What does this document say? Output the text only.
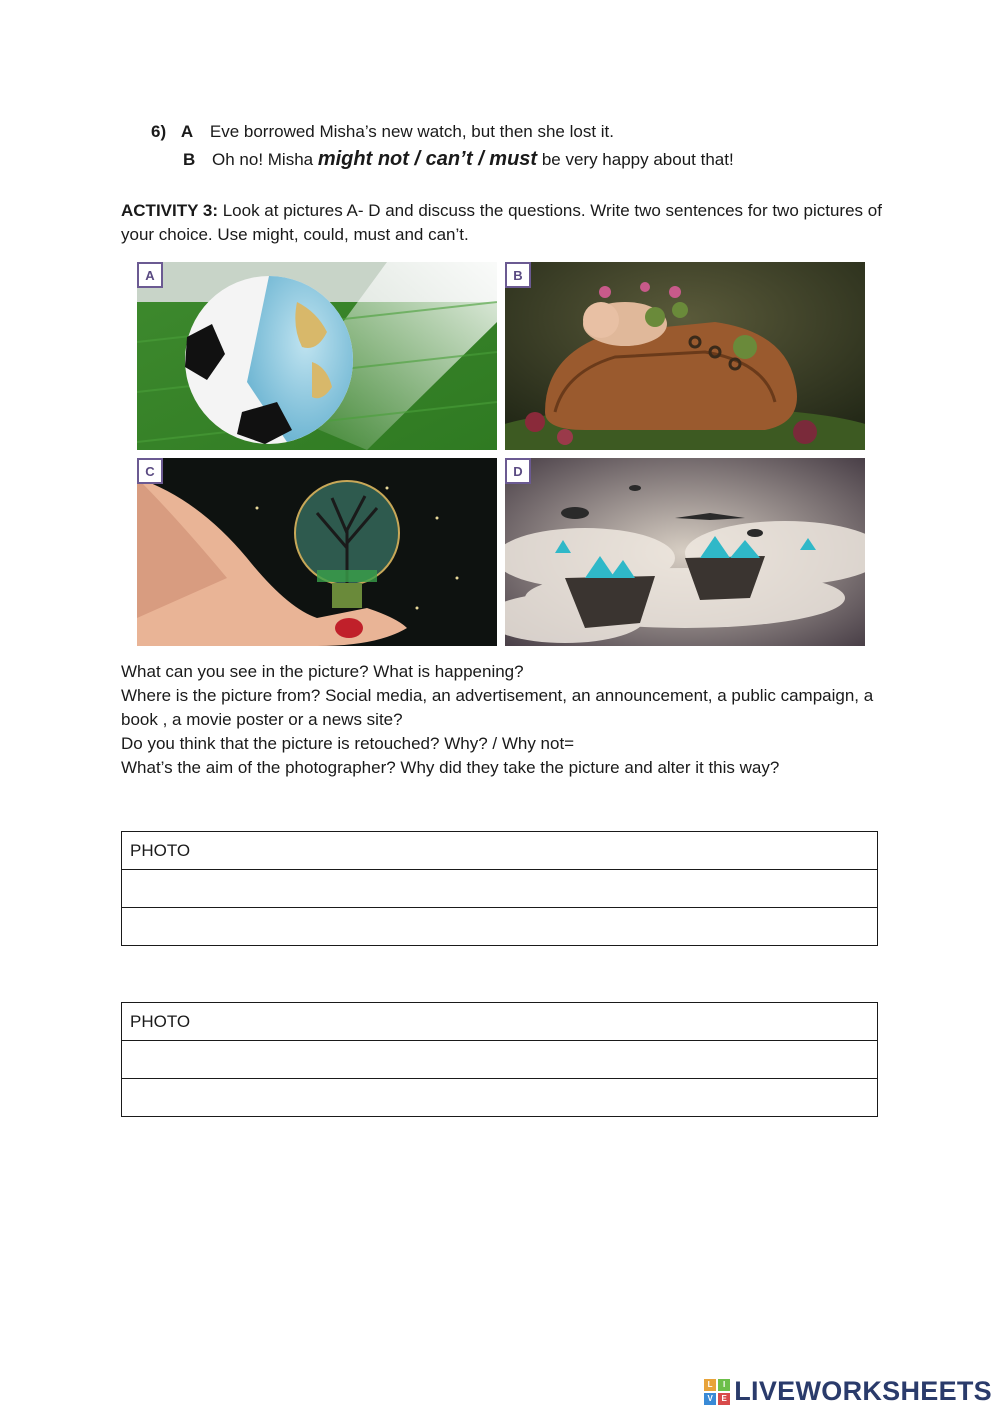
6) A Eve borrowed Misha’s new watch, but then she lost it.
B Oh no! Misha might not / can’t / must be very happy about that!
ACTIVITY 3: Look at pictures A- D and discuss the questions. Write two sentences for two pictures of your choice. Use might, could, must and can’t.
A	B
C	D
What can you see in the picture? What is happening?
Where is the picture from? Social media, an advertisement, an announcement, a public campaign, a book , a movie poster or a news site?
Do you think that the picture is retouched? Why? / Why not=
What’s the aim of the photographer? Why did they take the picture and alter it this way?
PHOTO

PHOTO

L	I
V	E LIVEWORKSHEETS
